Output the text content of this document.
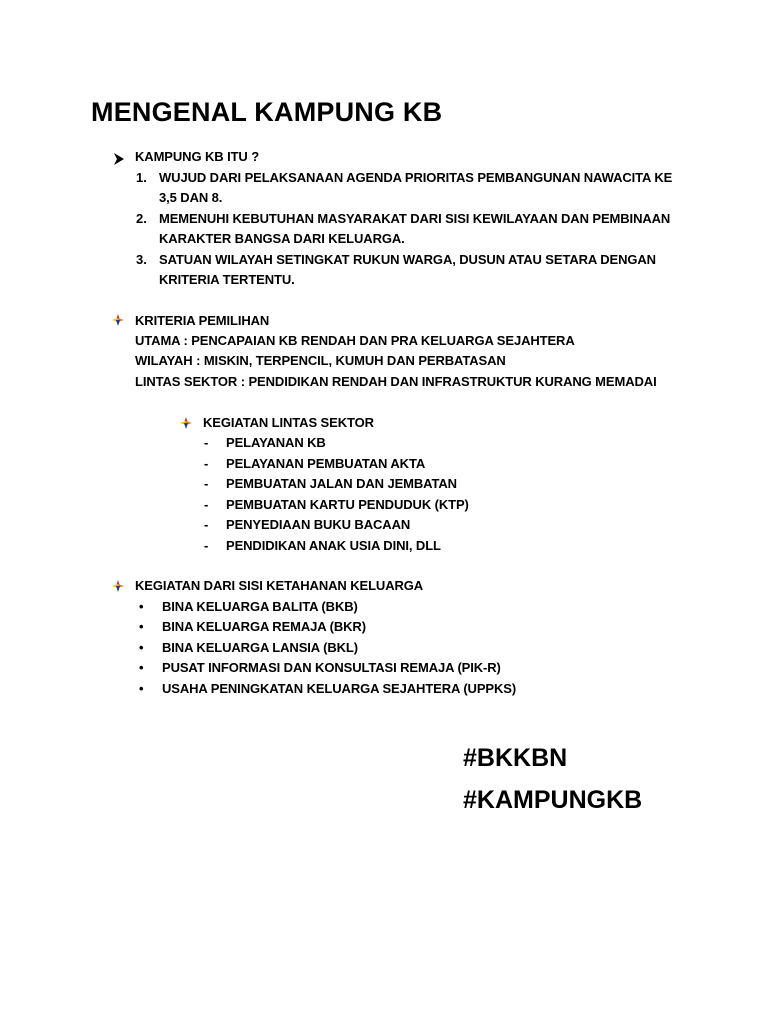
MENGENAL KAMPUNG KB
KAMPUNG KB ITU ?
1. WUJUD DARI PELAKSANAAN AGENDA PRIORITAS PEMBANGUNAN NAWACITA KE
3,5 DAN 8.
2. MEMENUHI KEBUTUHAN MASYARAKAT DARI SISI KEWILAYAAN DAN PEMBINAAN
KARAKTER BANGSA DARI KELUARGA.
3. SATUAN WILAYAH SETINGKAT RUKUN WARGA, DUSUN ATAU SETARA DENGAN
KRITERIA TERTENTU.
KRITERIA PEMILIHAN
UTAMA : PENCAPAIAN KB RENDAH DAN PRA KELUARGA SEJAHTERA
WILAYAH : MISKIN, TERPENCIL, KUMUH DAN PERBATASAN
LINTAS SEKTOR : PENDIDIKAN RENDAH DAN INFRASTRUKTUR KURANG MEMADAI
KEGIATAN LINTAS SEKTOR
- PELAYANAN KB
- PELAYANAN PEMBUATAN AKTA
- PEMBUATAN JALAN DAN JEMBATAN
- PEMBUATAN KARTU PENDUDUK (KTP)
- PENYEDIAAN BUKU BACAAN
- PENDIDIKAN ANAK USIA DINI, DLL
KEGIATAN DARI SISI KETAHANAN KELUARGA
• BINA KELUARGA BALITA (BKB)
• BINA KELUARGA REMAJA (BKR)
• BINA KELUARGA LANSIA (BKL)
• PUSAT INFORMASI DAN KONSULTASI REMAJA (PIK-R)
• USAHA PENINGKATAN KELUARGA SEJAHTERA (UPPKS)
#BKKBN
#KAMPUNGKB
